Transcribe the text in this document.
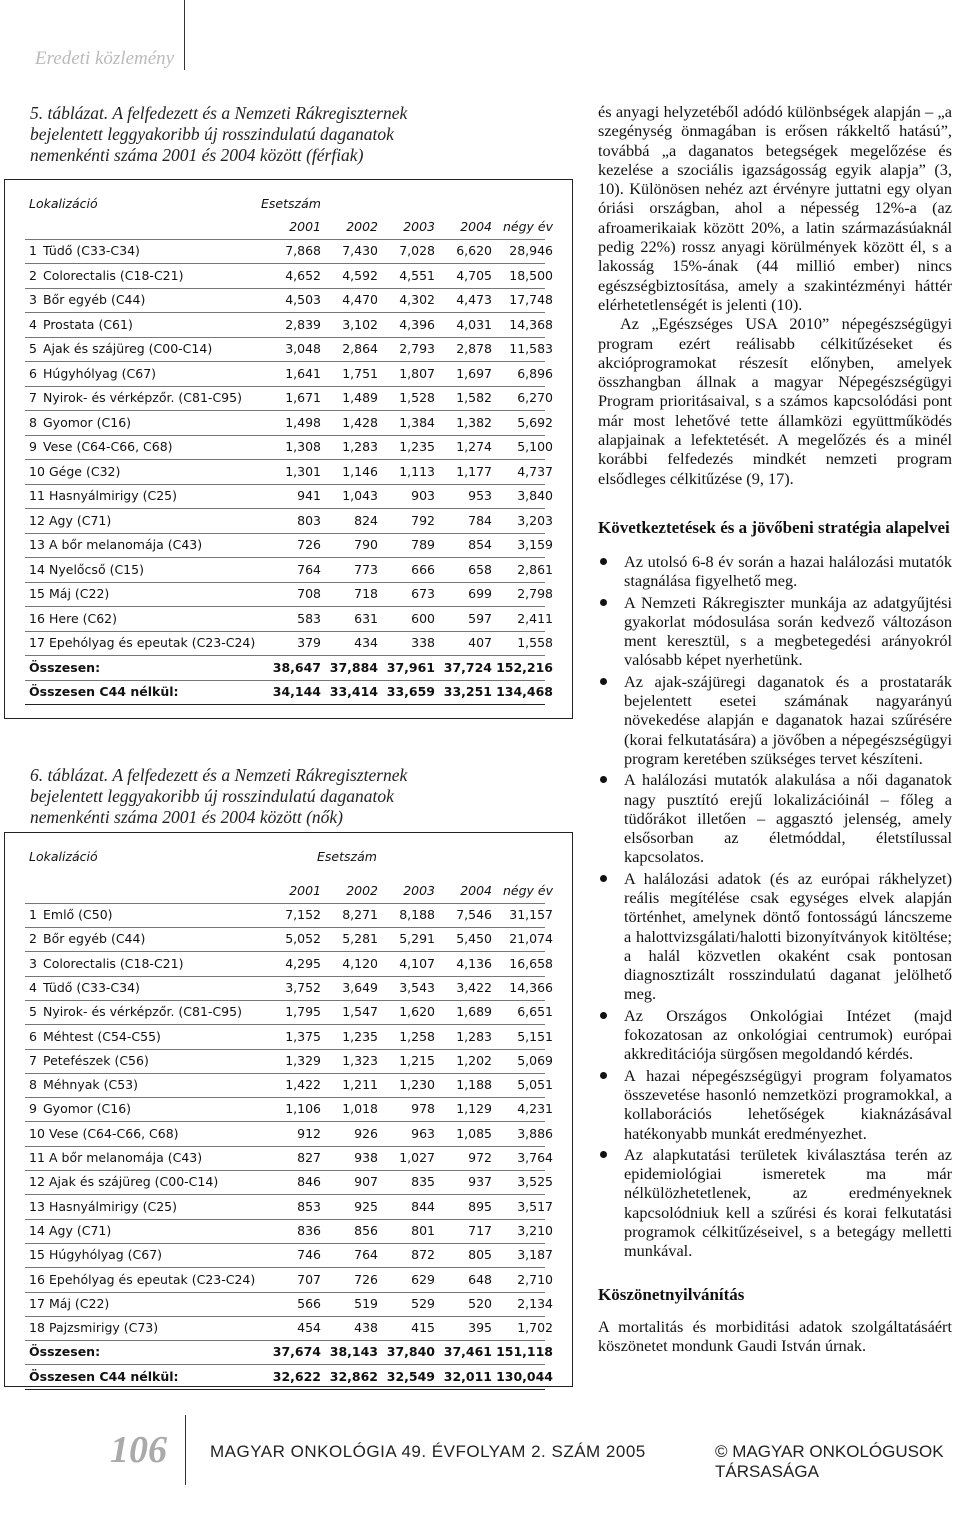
Eredeti közlemény
5. táblázat. A felfedezett és a Nemzeti Rákregiszternek bejelentett leggyakoribb új rosszindulatú daganatok nemenkénti száma 2001 és 2004 között (férfiak)
Lokalizáció	Esetszám
2001	2002	2003	2004 négy év
1 Tüdő (C33-C34)	7,868	7,430	7,028	6,620	28,946
2 Colorectalis (C18-C21)	4,652	4,592	4,551	4,705	18,500
3 Bőr egyéb (C44)	4,503	4,470	4,302	4,473	17,748
4 Prostata (C61)	2,839	3,102	4,396	4,031	14,368
5 Ajak és szájüreg (C00-C14)	3,048	2,864	2,793	2,878	11,583
6 Húgyhólyag (C67)	1,641	1,751	1,807	1,697	6,896
7 Nyirok- és vérképzőr. (C81-C95)	1,671	1,489	1,528	1,582	6,270
8 Gyomor (C16)	1,498	1,428	1,384	1,382	5,692
9 Vese (C64-C66, C68)	1,308	1,283	1,235	1,274	5,100
10 Gége (C32)	1,301	1,146	1,113	1,177	4,737
11 Hasnyálmirigy (C25)	941	1,043	903	953	3,840
12 Agy (C71)	803	824	792	784	3,203
13 A bőr melanomája (C43)	726	790	789	854	3,159
14 Nyelőcső (C15)	764	773	666	658	2,861
15 Máj (C22)	708	718	673	699	2,798
16 Here (C62)	583	631	600	597	2,411
17 Epehólyag és epeutak (C23-C24)	379	434	338	407	1,558
Összesen:	38,647 37,884 37,961 37,724 152,216
Összesen C44 nélkül:	34,144 33,414 33,659 33,251 134,468
6. táblázat. A felfedezett és a Nemzeti Rákregiszternek bejelentett leggyakoribb új rosszindulatú daganatok nemenkénti száma 2001 és 2004 között (nők)
Lokalizáció	Esetszám
2001	2002	2003	2004 négy év
1 Emlő (C50)	7,152	8,271	8,188	7,546	31,157
2 Bőr egyéb (C44)	5,052	5,281	5,291	5,450	21,074
3 Colorectalis (C18-C21)	4,295	4,120	4,107	4,136	16,658
4 Tüdő (C33-C34)	3,752	3,649	3,543	3,422	14,366
5 Nyirok- és vérképzőr. (C81-C95)	1,795	1,547	1,620	1,689	6,651
6 Méhtest (C54-C55)	1,375	1,235	1,258	1,283	5,151
7 Petefészek (C56)	1,329	1,323	1,215	1,202	5,069
8 Méhnyak (C53)	1,422	1,211	1,230	1,188	5,051
9 Gyomor (C16)	1,106	1,018	978	1,129	4,231
10 Vese (C64-C66, C68)	912	926	963	1,085	3,886
11 A bőr melanomája (C43)	827	938	1,027	972	3,764
12 Ajak és szájüreg (C00-C14)	846	907	835	937	3,525
13 Hasnyálmirigy (C25)	853	925	844	895	3,517
14 Agy (C71)	836	856	801	717	3,210
15 Húgyhólyag (C67)	746	764	872	805	3,187
16 Epehólyag és epeutak (C23-C24)	707	726	629	648	2,710
17 Máj (C22)	566	519	529	520	2,134
18 Pajzsmirigy (C73)	454	438	415	395	1,702
Összesen:	37,674 38,143 37,840 37,461 151,118
Összesen C44 nélkül:	32,622 32,862 32,549 32,011 130,044

és anyagi helyzetéből adódó különbségek alapján – „a szegénység önmagában is erősen rákkeltő hatású”, továbbá „a daganatos betegségek megelőzése és kezelése a szociális igazságosság egyik alapja” (3, 10). Különösen nehéz azt érvényre juttatni egy olyan óriási országban, ahol a népesség 12%-a (az afroamerikaiak között 20%, a latin származásúaknál pedig 22%) rossz anyagi körülmények között él, s a lakosság 15%-ának (44 millió ember) nincs egészségbiztosítása, amely a szakintézményi háttér elérhetetlenségét is jelenti (10).

Az „Egészséges USA 2010” népegészségügyi program ezért reálisabb célkitűzéseket és akcióprogramokat részesít előnyben, amelyek összhangban állnak a magyar Népegészségügyi Program prioritásaival, s a számos kapcsolódási pont már most lehetővé tette államközi együttműködés alapjainak a lefektetését. A megelőzés és a minél korábbi felfedezés mindkét nemzeti program elsődleges célkitűzése (9, 17).

Következtetések és a jövőbeni stratégia alapelvei
Az utolsó 6-8 év során a hazai halálozási mutatók stagnálása figyelhető meg.
A Nemzeti Rákregiszter munkája az adatgyűjtési gyakorlat módosulása során kedvező változáson ment keresztül, s a megbetegedési arányokról valósabb képet nyerhetünk.
Az ajak-szájüregi daganatok és a prostatarák bejelentett esetei számának nagyarányú növekedése alapján e daganatok hazai szűrésére (korai felkutatására) a jövőben a népegészségügyi program keretében szükséges tervet készíteni.
A halálozási mutatók alakulása a női daganatok nagy pusztító erejű lokalizációinál – főleg a tüdőrákot illetően – aggasztó jelenség, amely elsősorban az életmóddal, életstílussal kapcsolatos.
A halálozási adatok (és az európai rákhelyzet) reális megítélése csak egységes elvek alapján történhet, amelynek döntő fontosságú láncszeme a halottvizsgálati/halotti bizonyítványok kitöltése; a halál közvetlen okaként csak pontosan diagnosztizált rosszindulatú daganat jelölhető meg.
Az Országos Onkológiai Intézet (majd fokozatosan az onkológiai centrumok) európai akkreditációja sürgősen megoldandó kérdés.
A hazai népegészségügyi program folyamatos összevetése hasonló nemzetközi programokkal, a kollaborációs lehetőségek kiaknázásával hatékonyabb munkát eredményezhet.
Az alapkutatási területek kiválasztása terén az epidemiológiai ismeretek ma már nélkülözhetetlenek, az eredményeknek kapcsolódniuk kell a szűrési és korai felkutatási programok célkitűzéseivel, s a betegágy melletti munkával.
Köszönetnyilvánítás

A mortalitás és morbiditási adatok szolgáltatásáért köszönetet mondunk Gaudi István úrnak.

106	MAGYAR ONKOLÓGIA 49. ÉVFOLYAM 2. SZÁM 2005	© MAGYAR ONKOLÓGUSOK TÁRSASÁGA
